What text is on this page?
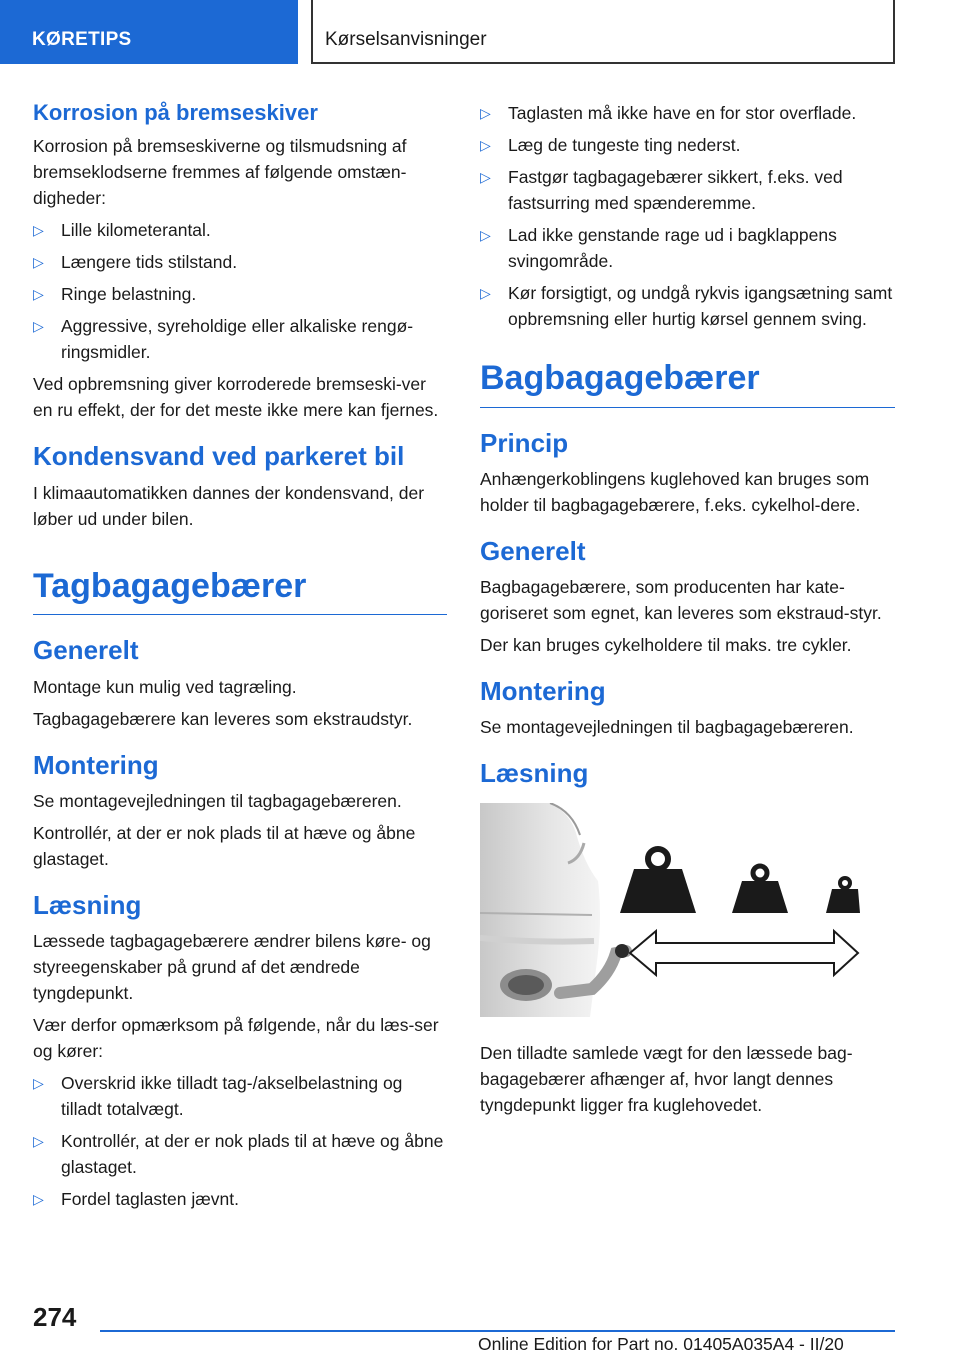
KØRETIPS	Kørselsanvisninger
Korrosion på bremseskiver

Korrosion på bremseskiverne og tilsmudsning af bremseklodserne fremmes af følgende omstæn-digheder:

▷ Lille kilometerantal.
▷ Længere tids stilstand.
▷ Ringe belastning.
▷ Aggressive, syreholdige eller alkaliske rengø-ringsmidler.

Ved opbremsning giver korroderede bremseski-ver en ru effekt, der for det meste ikke mere kan fjernes.

Kondensvand ved parkeret bil

I klimaautomatikken dannes der kondensvand, der løber ud under bilen.

Tagbagagebærer
Generelt

Montage kun mulig ved tagræling.

Tagbagagebærere kan leveres som ekstraudstyr.

Montering

Se montagevejledningen til tagbagagebæreren.

Kontrollér, at der er nok plads til at hæve og åbne glastaget.

Læsning

Læssede tagbagagebærere ændrer bilens køre- og styreegenskaber på grund af det ændrede tyngdepunkt.

Vær derfor opmærksom på følgende, når du læs-ser og kører:

▷ Overskrid ikke tilladt tag-/akselbelastning og tilladt totalvægt.
▷ Kontrollér, at der er nok plads til at hæve og åbne glastaget.
▷ Fordel taglasten jævnt.
▷ Taglasten må ikke have en for stor overflade.
▷ Læg de tungeste ting nederst.
▷ Fastgør tagbagagebærer sikkert, f.eks. ved fastsurring med spænderemme.
▷ Lad ikke genstande rage ud i bagklappens svingområde.
▷ Kør forsigtigt, og undgå rykvis igangsætning samt opbremsning eller hurtig kørsel gennem sving.
Bagbagagebærer
Princip

Anhængerkoblingens kuglehoved kan bruges som holder til bagbagagebærere, f.eks. cykelhol-dere.

Generelt

Bagbagagebærere, som producenten har kate-goriseret som egnet, kan leveres som ekstraud-styr.

Der kan bruges cykelholdere til maks. tre cykler.

Montering

Se montagevejledningen til bagbagagebæreren.

Læsning

Den tilladte samlede vægt for den læssede bag-bagagebærer afhænger af, hvor langt dennes tyngdepunkt ligger fra kuglehovedet.

274
Online Edition for Part no. 01405A035A4 - II/20
